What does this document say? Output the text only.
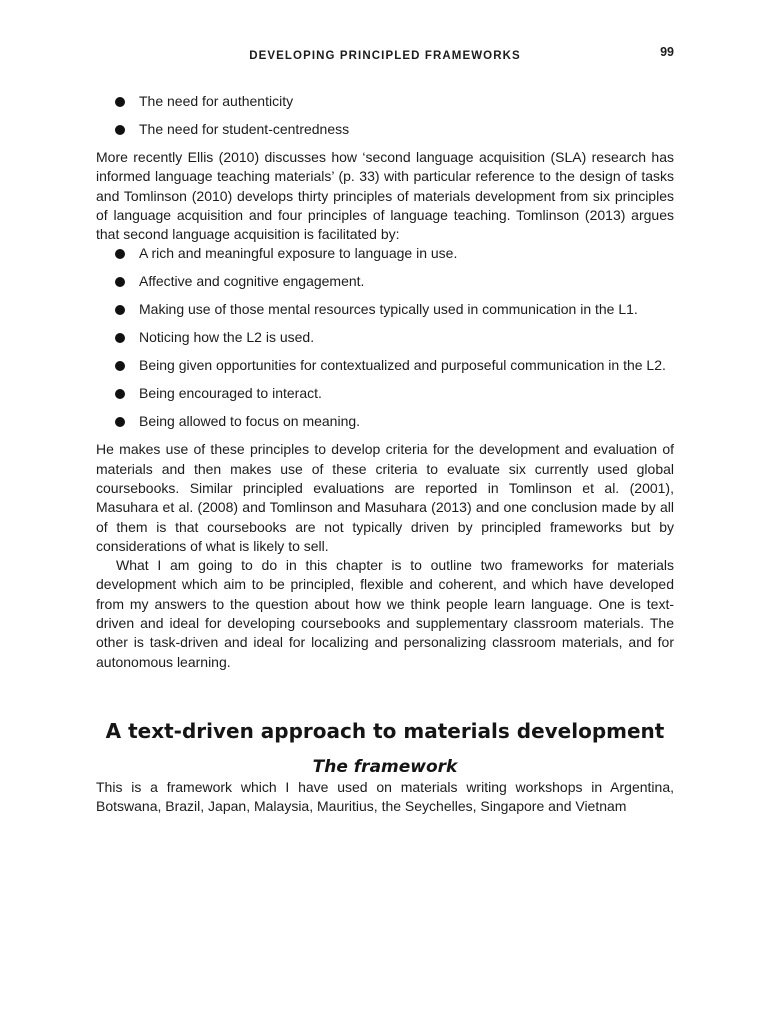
DEVELOPING PRINCIPLED FRAMEWORKS	99
The need for authenticity
The need for student-centredness

More recently Ellis (2010) discusses how ‘second language acquisition (SLA) research has informed language teaching materials’ (p. 33) with particular reference to the design of tasks and Tomlinson (2010) develops thirty principles of materials development from six principles of language acquisition and four principles of language teaching. Tomlinson (2013) argues that second language acquisition is facilitated by:

A rich and meaningful exposure to language in use.
Affective and cognitive engagement.
Making use of those mental resources typically used in communication in the L1.
Noticing how the L2 is used.
Being given opportunities for contextualized and purposeful communication in the L2.
Being encouraged to interact.
Being allowed to focus on meaning.

He makes use of these principles to develop criteria for the development and evaluation of materials and then makes use of these criteria to evaluate six currently used global coursebooks. Similar principled evaluations are reported in Tomlinson et al. (2001), Masuhara et al. (2008) and Tomlinson and Masuhara (2013) and one conclusion made by all of them is that coursebooks are not typically driven by principled frameworks but by considerations of what is likely to sell.

What I am going to do in this chapter is to outline two frameworks for materials development which aim to be principled, flexible and coherent, and which have developed from my answers to the question about how we think people learn language. One is text-driven and ideal for developing coursebooks and supplementary classroom materials. The other is task-driven and ideal for localizing and personalizing classroom materials, and for autonomous learning.

A text-driven approach to materials development
The framework

This is a framework which I have used on materials writing workshops in Argentina, Botswana, Brazil, Japan, Malaysia, Mauritius, the Seychelles, Singapore and Vietnam
